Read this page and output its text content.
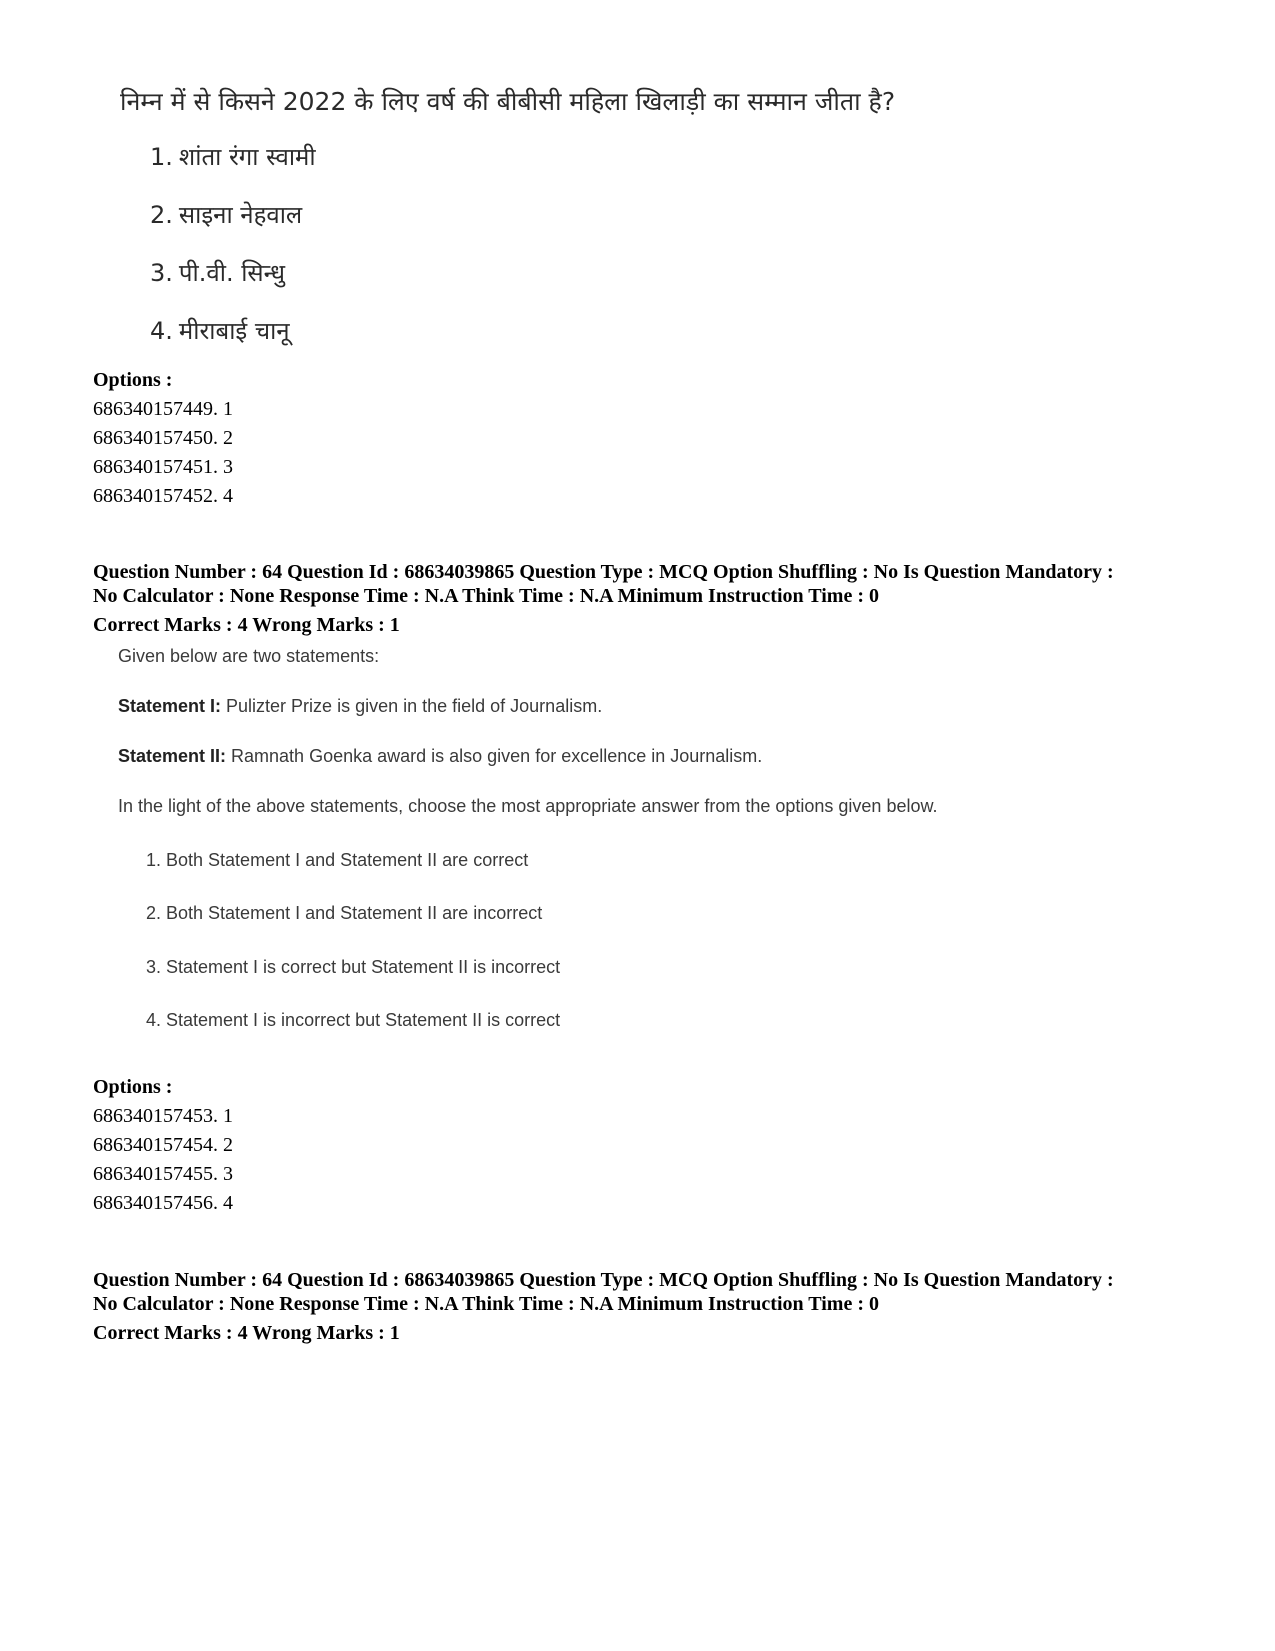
निम्न में से किसने 2022 के लिए वर्ष की बीबीसी महिला खिलाड़ी का सम्मान जीता है?
1. शांता रंगा स्वामी
2. साइना नेहवाल
3. पी.वी. सिन्धु
4. मीराबाई चानू
Options :
686340157449. 1
686340157450. 2
686340157451. 3
686340157452. 4
Question Number : 64 Question Id : 68634039865 Question Type : MCQ Option Shuffling : No Is Question Mandatory :
No Calculator : None Response Time : N.A Think Time : N.A Minimum Instruction Time : 0
Correct Marks : 4 Wrong Marks : 1
Given below are two statements:
Statement I: Pulizter Prize is given in the field of Journalism.
Statement II: Ramnath Goenka award is also given for excellence in Journalism.
In the light of the above statements, choose the most appropriate answer from the options given below.
1. Both Statement I and Statement II are correct
2. Both Statement I and Statement II are incorrect
3. Statement I is correct but Statement II is incorrect
4. Statement I is incorrect but Statement II is correct
Options :
686340157453. 1
686340157454. 2
686340157455. 3
686340157456. 4
Question Number : 64 Question Id : 68634039865 Question Type : MCQ Option Shuffling : No Is Question Mandatory :
No Calculator : None Response Time : N.A Think Time : N.A Minimum Instruction Time : 0
Correct Marks : 4 Wrong Marks : 1
